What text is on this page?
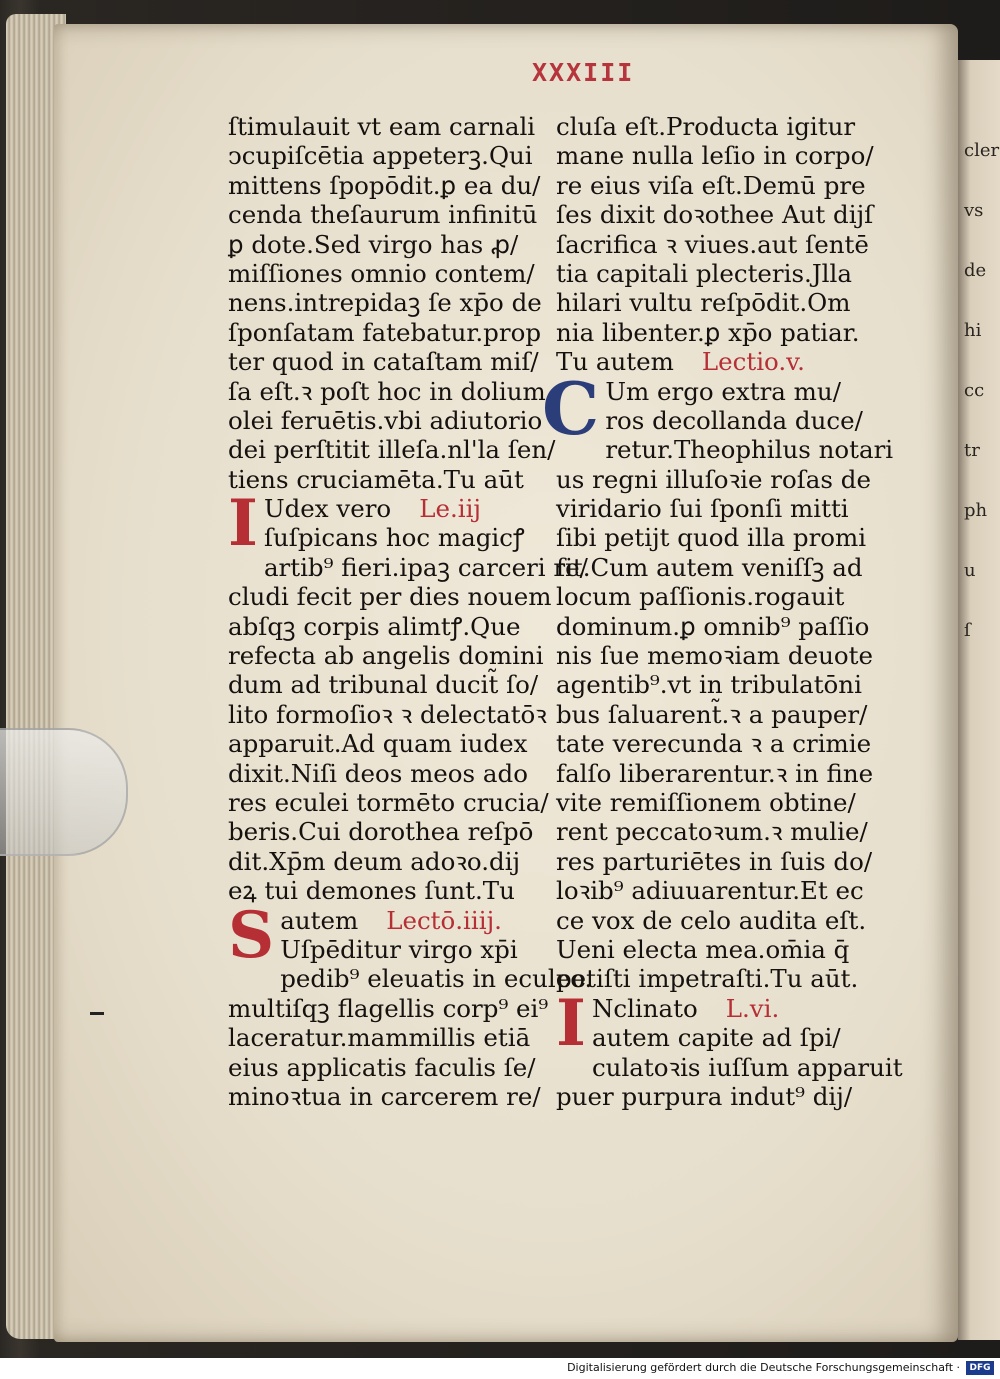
cler
vs
de
hi
cc
tr
ph
u
ſ
XXXIII
ſtimulauit vt eam carnali
ↄcupiſcētia appeterꝫ.Qui
mittens ſpopōdit.ꝑ ea du/
cenda theſaurum infinitū
ꝑ dote.Sed virgo has ꝓ/
miſſiones omnio contem/
nens.intrepidaꝫ ſe xp̄o de
ſponſatam fatebatur.prop
ter quod in cataſtam miſ/
ſa eſt.ꝛ poſt hoc in dolium
olei feruētis.vbi adiutorio
dei perſtitit illeſa.nl'la ſen/
tiens cruciamēta.Tu aūt
I Udex vero Le.iij
ſuſpicans hoc magicꝭ
artib⁹ fieri.ipaꝫ carceri re/
cludi fecit per dies nouem
abſqꝫ corpis alimtꝭ.Que
refecta ab angelis domini
dum ad tribunal ducit̃ ſo/
lito formoſioꝛ ꝛ delectatōꝛ
apparuit.Ad quam iudex
dixit.Niſi deos meos ado
res eculei tormēto crucia/
beris.Cui dorothea reſpō
dit.Xp̄m deum adoꝛo.dij
eꝝ tui demones ſunt.Tu
Sautem Lectō.iiij.
Uſpēditur virgo xp̄i
pedib⁹ eleuatis in eculeo.
multiſqꝫ flagellis corp⁹ ei⁹
laceratur.mammillis etiā
eius applicatis faculis ſe/
minoꝛtua in carcerem re/
cluſa eſt.Producta igitur
mane nulla leſio in corpo/
re eius viſa eſt.Demū pre
ſes dixit doꝛothee Aut dijſ
ſacrifica ꝛ viues.aut ſentē
tia capitali plecteris.Jlla
hilari vultu reſpōdit.Om
nia libenter.ꝑ xp̄o patiar.
Tu autem Lectio.v.
C Um ergo extra mu/
ros decollanda duce/
retur.Theophilus notari
us regni illuſoꝛie roſas de
viridario ſui ſponſi mitti
ſibi petijt quod illa promi
ſit.Cum autem veniſſꝫ ad
locum paſſionis.rogauit
dominum.ꝑ omnib⁹ paſſio
nis ſue memoꝛiam deuote
agentib⁹.vt in tribulatōni
bus ſaluarent̃.ꝛ a pauper/
tate verecunda ꝛ a crimie
falſo liberarentur.ꝛ in fine
vite remiſſionem obtine/
rent peccatoꝛum.ꝛ mulie/
res parturiētes in ſuis do/
loꝛib⁹ adiuuarentur.Et ec
ce vox de celo audita eſt.
Ueni electa mea.om̄ia q̄
petiſti impetraſti.Tu aūt.
I Nclinato L.vi.
autem capite ad ſpi/
culatoꝛis iuſſum apparuit
puer purpura indut⁹ dij/
Digitalisierung gefördert durch die Deutsche Forschungsgemeinschaft ·	DFG
